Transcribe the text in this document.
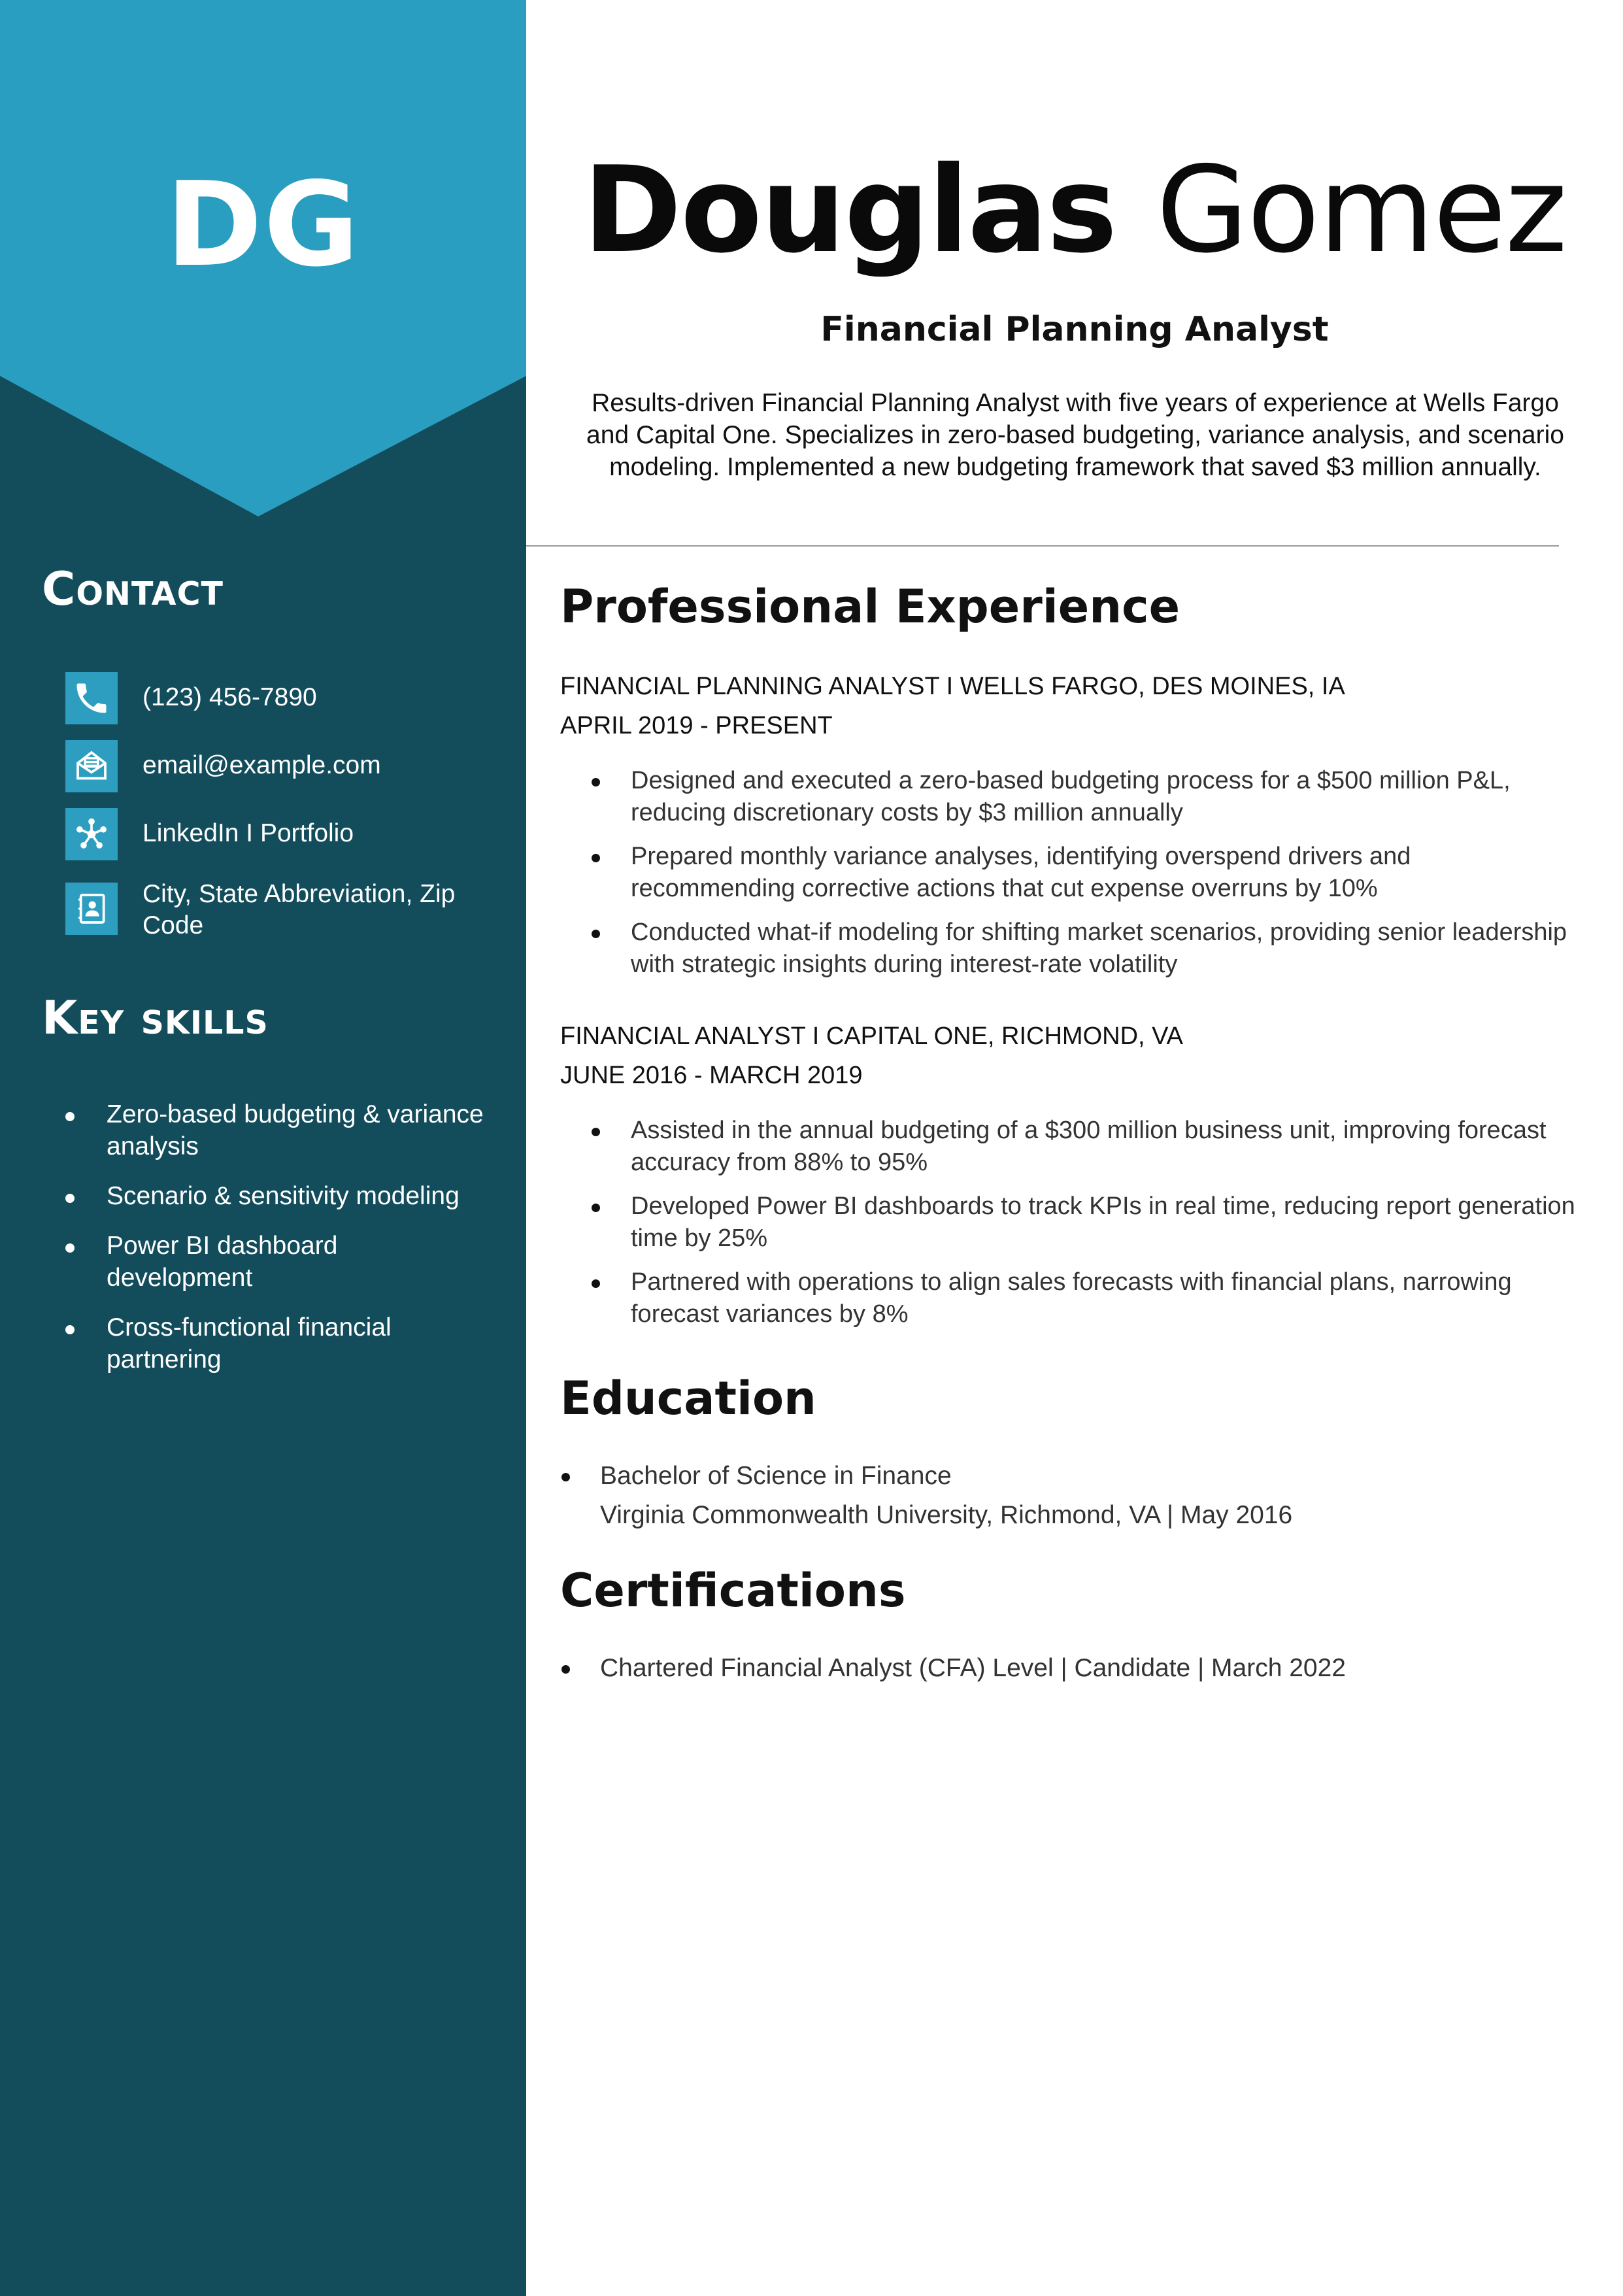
DG
Contact
(123) 456-7890
email@example.com
LinkedIn I Portfolio
City, State Abbreviation, Zip Code
Key skills
Zero-based budgeting & variance analysis
Scenario & sensitivity modeling
Power BI dashboard development
Cross-functional financial partnering
Douglas Gomez
Financial Planning Analyst

Results-driven Financial Planning Analyst with five years of experience at Wells Fargo and Capital One. Specializes in zero-based budgeting, variance analysis, and scenario modeling. Implemented a new budgeting framework that saved $3 million annually.

Professional Experience
FINANCIAL PLANNING ANALYST I WELLS FARGO, DES MOINES, IA
APRIL 2019 - PRESENT
Designed and executed a zero-based budgeting process for a $500 million P&L, reducing discretionary costs by $3 million annually
Prepared monthly variance analyses, identifying overspend drivers and recommending corrective actions that cut expense overruns by 10%
Conducted what-if modeling for shifting market scenarios, providing senior leadership with strategic insights during interest-rate volatility
FINANCIAL ANALYST I CAPITAL ONE, RICHMOND, VA
JUNE 2016 - MARCH 2019
Assisted in the annual budgeting of a $300 million business unit, improving forecast accuracy from 88% to 95%
Developed Power BI dashboards to track KPIs in real time, reducing report generation time by 25%
Partnered with operations to align sales forecasts with financial plans, narrowing forecast variances by 8%
Education
Bachelor of Science in Finance
Virginia Commonwealth University, Richmond, VA | May 2016
Certifications
Chartered Financial Analyst (CFA) Level | Candidate | March 2022
